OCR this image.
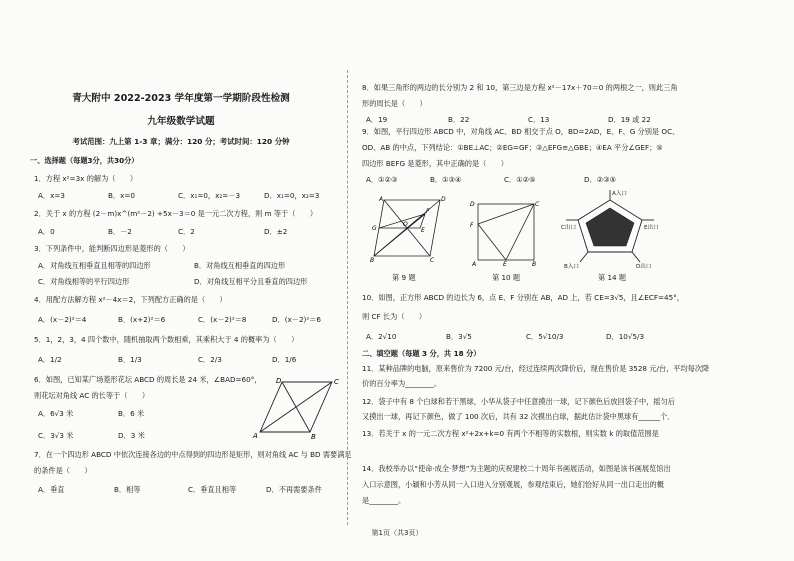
青大附中 2022-2023 学年度第一学期阶段性检测
九年级数学试题
考试范围：九上第 1-3 章；满分：120 分；考试时间：120 分钟
一、选择题（每题3分，共30分）
1．方程 x²=3x 的解为（　　）
A．x=3	B．x=0	C．x₁=0，x₂=－3	D．x₁=0，x₂=3
2．关于 x 的方程 (2－m)x^(m²－2) +5x－3＝0 是一元二次方程，则 m 等于（　　）
A．0	B．－2	C．2	D．±2
3．下列条件中，能判断四边形是菱形的（　　）
A．对角线互相垂直且相等的四边形	B．对角线互相垂直的四边形
C．对角线相等的平行四边形	D．对角线互相平分且垂直的四边形
4．用配方法解方程 x²－4x＝2，下列配方正确的是（　　）
A．(x－2)²＝4	B．(x+2)²＝6	C．(x－2)²＝8	D．(x－2)²＝6
5．1，2，3，4 四个数中，随机抽取两个数相乘，其乘积大于 4 的概率为（　　）
A．1/2	B．1/3	C．2/3	D．1/6
6．如图，已知某广场菱形花坛 ABCD 的周长是 24 米，∠BAD=60°，
则花坛对角线 AC 的长等于（　　）
A．6√3 米	B．6 米
C．3√3 米	D．3 米	A
D	C
B
7．在一个四边形 ABCD 中依次连接各边的中点得到的四边形是矩形，则对角线 AC 与 BD 需要满足
的条件是（　　）
A．垂直	B．相等	C．垂直且相等	D．不再需要条件
8．如果三角形的两边的长分别为 2 和 10，第三边是方程 x²－17x＋70＝0 的两根之一，则此三角
形的周长是（　　）
A．19	B．22	C．13	D．19 或 22
9．如图，平行四边形 ABCD 中，对角线 AC、BD 相交于点 O，BD=2AD，E、F、G 分别是 OC、
OD、AB 的中点，下列结论：①BE⊥AC；②EG=GF；③△EFG≌△GBE；④EA 平分∠GEF；⑤
四边形 BEFG 是菱形，其中正确的是（　　）
A．①②③	B．①③④	C．①②⑤	D．②③⑤
A	D
B	C
G
F
E
O
D	C
F
A	E	B
A入口
C出口	E出口
B入口	D出口
第 9 题	第 10 题	第 14 题
10．如图，正方形 ABCD 的边长为 6，点 E、F 分别在 AB，AD 上，若 CE=3√5，且∠ECF=45°，
则 CF 长为（　　）
A．2√10	B．3√5	C．5√10/3	D．10√5/3
二、填空题（每题 3 分，共 18 分）
11．某种品牌的电脑，原来售价为 7200 元/台，经过连续两次降价后，现在售价是 3528 元/台，平均每次降
价的百分率为________。
12．袋子中有 8 个白球和若干黑球，小华从袋子中任意摸出一球，记下颜色后放回袋子中，摇匀后
又摸出一球，再记下颜色，做了 100 次后，共有 32 次摸出白球，据此估计袋中黑球有______个．
13．若关于 x 的一元二次方程 x²+2x+k=0 有两个不相等的实数根，则实数 k 的取值范围是
14．我校举办以“使命·成全·梦想”为主题的庆祝建校二十周年书画展活动，如图是该书画展览馆出
入口示意图，小颖和小芳从同一入口进入分别观展，参观结束后，她们恰好从同一出口走出的概
是________。
第1页（共3页）
